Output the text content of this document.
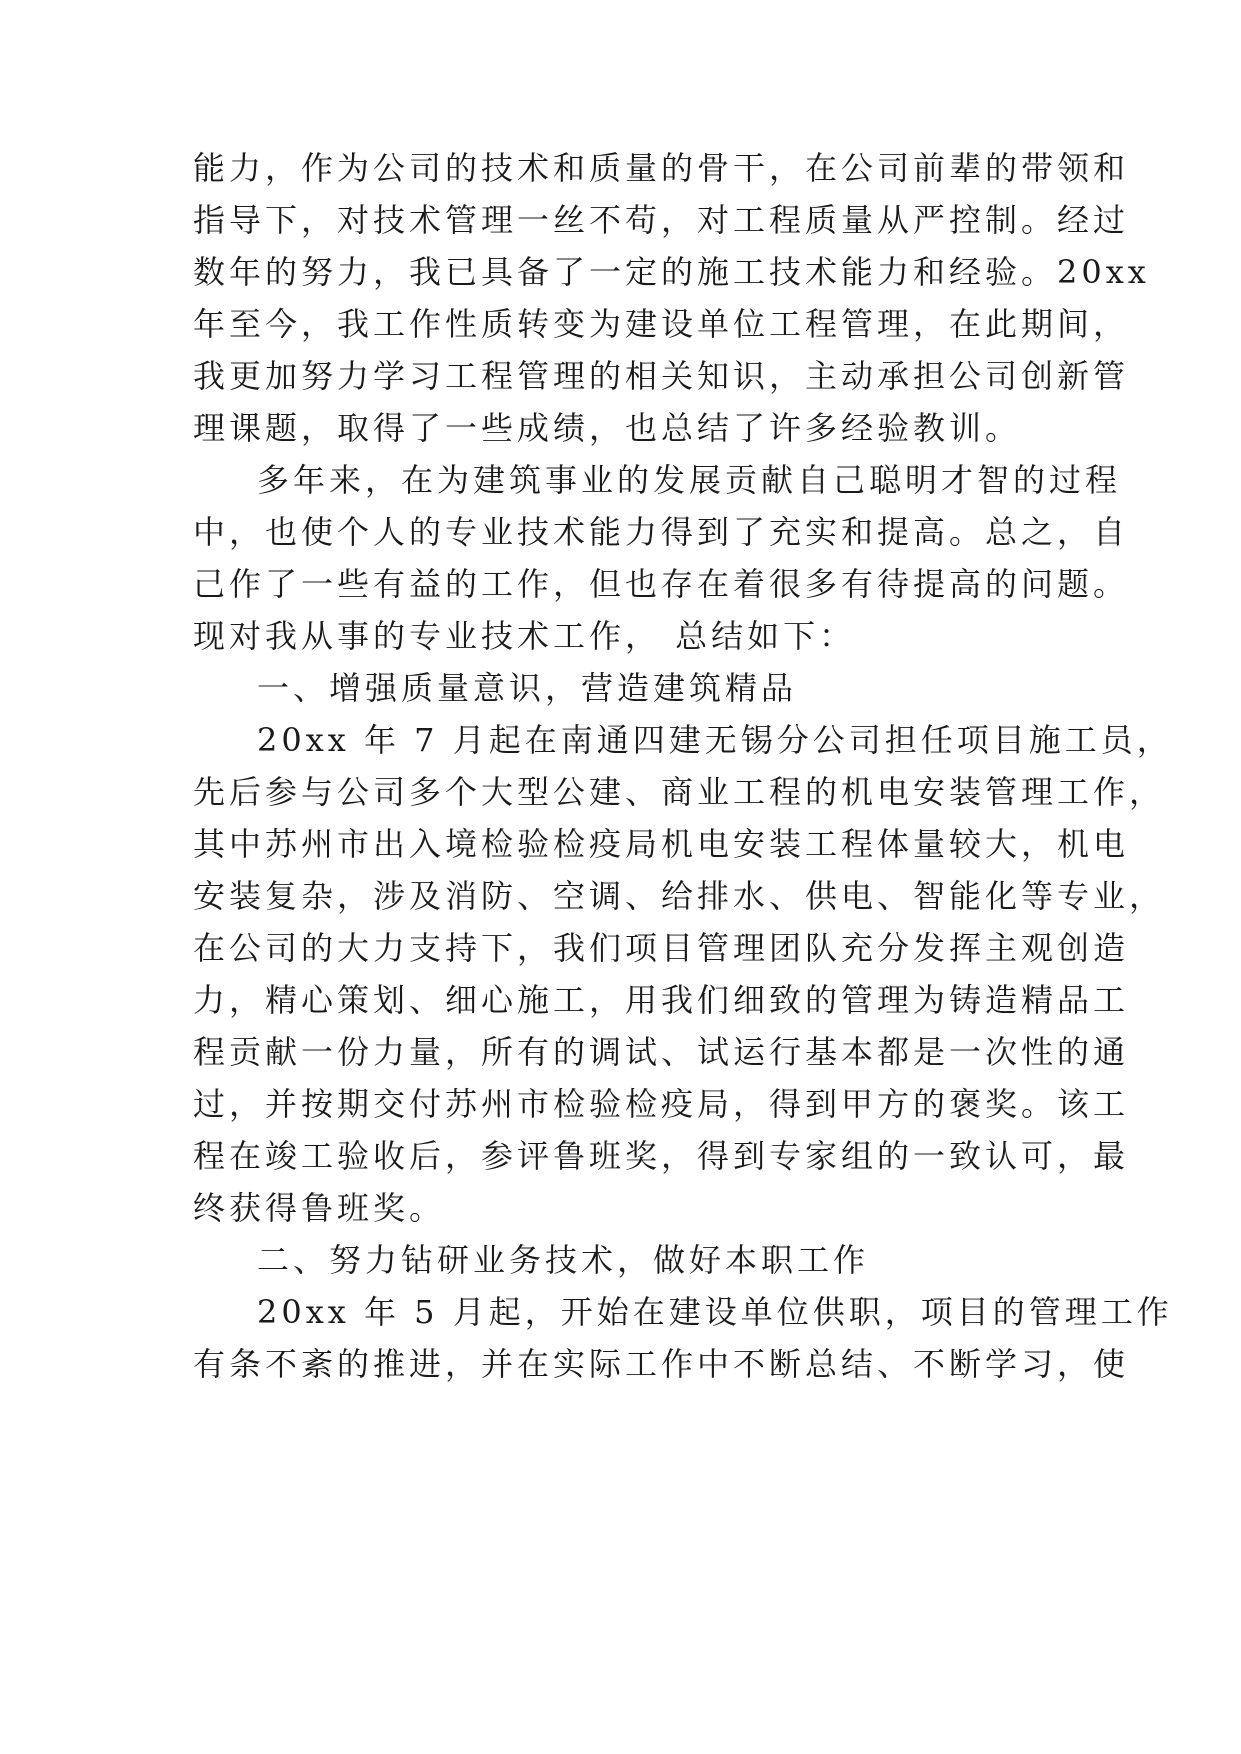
能力，作为公司的技术和质量的骨干，在公司前辈的带领和
指导下，对技术管理一丝不苟，对工程质量从严控制。经过
数年的努力，我已具备了一定的施工技术能力和经验。20xx
年至今，我工作性质转变为建设单位工程管理，在此期间，
我更加努力学习工程管理的相关知识，主动承担公司创新管
理课题，取得了一些成绩，也总结了许多经验教训。
多年来，在为建筑事业的发展贡献自己聪明才智的过程
中，也使个人的专业技术能力得到了充实和提高。总之，自
己作了一些有益的工作，但也存在着很多有待提高的问题。
现对我从事的专业技术工作， 总结如下：
一、增强质量意识，营造建筑精品
20xx 年 7 月起在南通四建无锡分公司担任项目施工员，
先后参与公司多个大型公建、商业工程的机电安装管理工作，
其中苏州市出入境检验检疫局机电安装工程体量较大，机电
安装复杂，涉及消防、空调、给排水、供电、智能化等专业，
在公司的大力支持下，我们项目管理团队充分发挥主观创造
力，精心策划、细心施工，用我们细致的管理为铸造精品工
程贡献一份力量，所有的调试、试运行基本都是一次性的通
过，并按期交付苏州市检验检疫局，得到甲方的褒奖。该工
程在竣工验收后，参评鲁班奖，得到专家组的一致认可，最
终获得鲁班奖。
二、努力钻研业务技术，做好本职工作
20xx 年 5 月起，开始在建设单位供职，项目的管理工作
有条不紊的推进，并在实际工作中不断总结、不断学习，使
